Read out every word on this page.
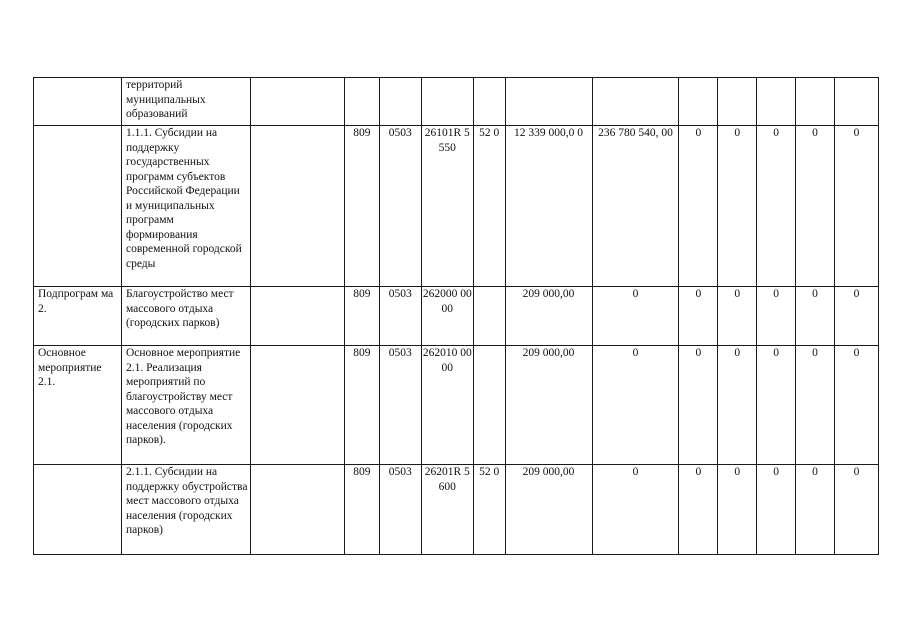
	территорий муниципальных образований												
	1.1.1. Субсидии на поддержку государственных программ субъектов Российской Федерации и муниципальных программ формирования современной городской среды		809	0503	26101R 5550	52 0	12 339 000,0 0	236 780 540, 00	0	0	0	0	0
Подпрограм ма 2.	Благоустройство мест массового отдыха (городских парков)		809	0503	262000 0000		209 000,00	0	0	0	0	0	0
Основное мероприятие 2.1.	Основное мероприятие 2.1. Реализация мероприятий по благоустройству мест массового отдыха населения (городских парков).		809	0503	262010 0000		209 000,00	0	0	0	0	0	0
	2.1.1. Субсидии на поддержку обустройства мест массового отдыха населения (городских парков)		809	0503	26201R 5600	52 0	209 000,00	0	0	0	0	0	0
